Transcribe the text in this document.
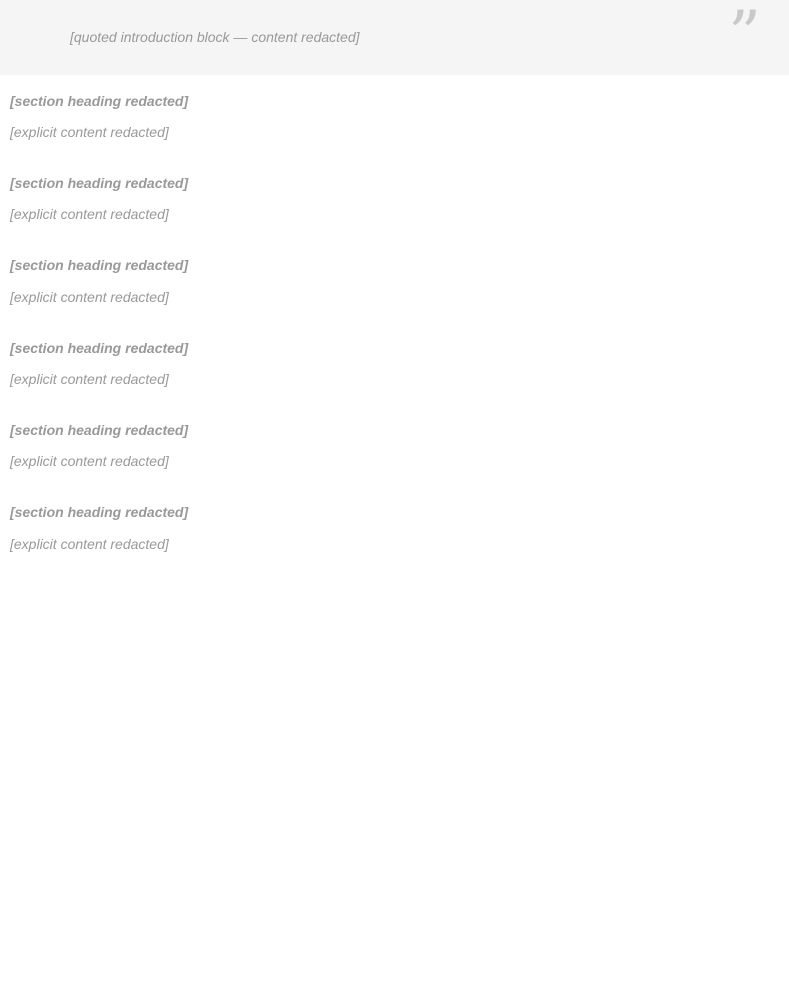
[quoted introduction block — content redacted]	”
[section heading redacted]
[explicit content redacted]
[section heading redacted]
[explicit content redacted]
[section heading redacted]
[explicit content redacted]
[section heading redacted]
[explicit content redacted]
[section heading redacted]
[explicit content redacted]
[section heading redacted]
[explicit content redacted]
